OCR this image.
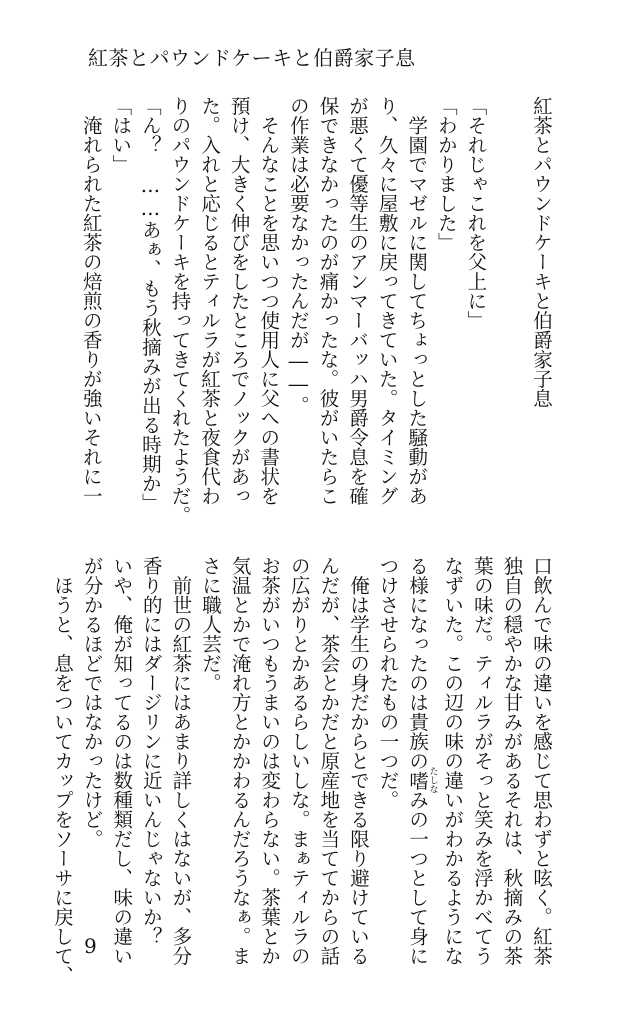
紅茶とパウンドケーキと伯爵家子息
紅茶とパウンドケーキと伯爵家子息
「それじゃこれを父上に」
「わかりました」
　学園でマゼルに関してちょっとした騒動があ
り、久々に屋敷に戻ってきていた。タイミング
が悪くて優等生のアンマーバッハ男爵令息を確
保できなかったのが痛かったな。彼がいたらこ
の作業は必要なかったんだが――。
　そんなことを思いつつ使用人に父への書状を
預け、大きく伸びをしたところでノックがあっ
た。入れと応じるとティルラが紅茶と夜食代わ
りのパウンドケーキを持ってきてくれたようだ。
「ん？　……あぁ、もう秋摘みが出る時期か」
「はい」
　淹れられた紅茶の焙煎の香りが強いそれに一
口飲んで味の違いを感じて思わずと呟く。紅茶
独自の穏やかな甘みがあるそれは、秋摘みの茶
葉の味だ。ティルラがそっと笑みを浮かべてう
なずいた。この辺の味の違いがわかるようにな
る様になったのは貴族の嗜たしなみの一つとして身に
つけさせられたもの一つだ。
　俺は学生の身だからとできる限り避けている
んだが、茶会とかだと原産地を当ててからの話
の広がりとかあるらしいしな。まぁティルラの
お茶がいつもうまいのは変わらない。茶葉とか
気温とかで淹れ方とかかわるんだろうなぁ。ま
さに職人芸だ。
　前世の紅茶にはあまり詳しくはないが、多分
香り的にはダージリンに近いんじゃないか？
いや、俺が知ってるのは数種類だし、味の違い
が分かるほどではなかったけど。
　ほうと、息をついてカップをソーサに戻して、 9
